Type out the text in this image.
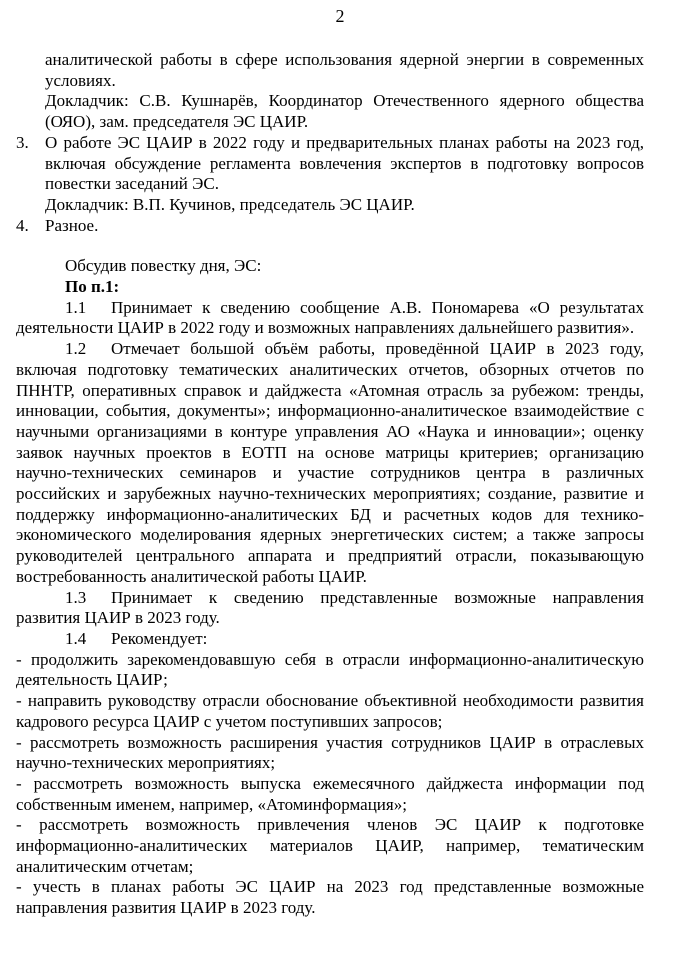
2

аналитической работы в сфере использования ядерной энергии в современных условиях.

Докладчик: С.В. Кушнарёв, Координатор Отечественного ядерного общества (ОЯО), зам. председателя ЭС ЦАИР.

3. О работе ЭС ЦАИР в 2022 году и предварительных планах работы на 2023 год, включая обсуждение регламента вовлечения экспертов в подготовку вопросов повестки заседаний ЭС.

Докладчик: В.П. Кучинов, председатель ЭС ЦАИР.

4. Разное.

Обсудив повестку дня, ЭС:

По п.1:

1.1 Принимает к сведению сообщение А.В. Пономарева «О результатах деятельности ЦАИР в 2022 году и возможных направлениях дальнейшего развития».

1.2 Отмечает большой объём работы, проведённой ЦАИР в 2023 году, включая подготовку тематических аналитических отчетов, обзорных отчетов по ПННТР, оперативных справок и дайджеста «Атомная отрасль за рубежом: тренды, инновации, события, документы»; информационно-аналитическое взаимодействие с научными организациями в контуре управления АО «Наука и инновации»; оценку заявок научных проектов в ЕОТП на основе матрицы критериев; организацию научно-технических семинаров и участие сотрудников центра в различных российских и зарубежных научно-технических мероприятиях; создание, развитие и поддержку информационно-аналитических БД и расчетных кодов для технико-экономического моделирования ядерных энергетических систем; а также запросы руководителей центрального аппарата и предприятий отрасли, показывающую востребованность аналитической работы ЦАИР.

1.3 Принимает к сведению представленные возможные направления развития ЦАИР в 2023 году.

1.4 Рекомендует:

- продолжить зарекомендовавшую себя в отрасли информационно-аналитическую деятельность ЦАИР;

- направить руководству отрасли обоснование объективной необходимости развития кадрового ресурса ЦАИР с учетом поступивших запросов;

- рассмотреть возможность расширения участия сотрудников ЦАИР в отраслевых научно-технических мероприятиях;

- рассмотреть возможность выпуска ежемесячного дайджеста информации под собственным именем, например, «Атоминформация»;

- рассмотреть возможность привлечения членов ЭС ЦАИР к подготовке информационно-аналитических материалов ЦАИР, например, тематическим аналитическим отчетам;

- учесть в планах работы ЭС ЦАИР на 2023 год представленные возможные направления развития ЦАИР в 2023 году.
